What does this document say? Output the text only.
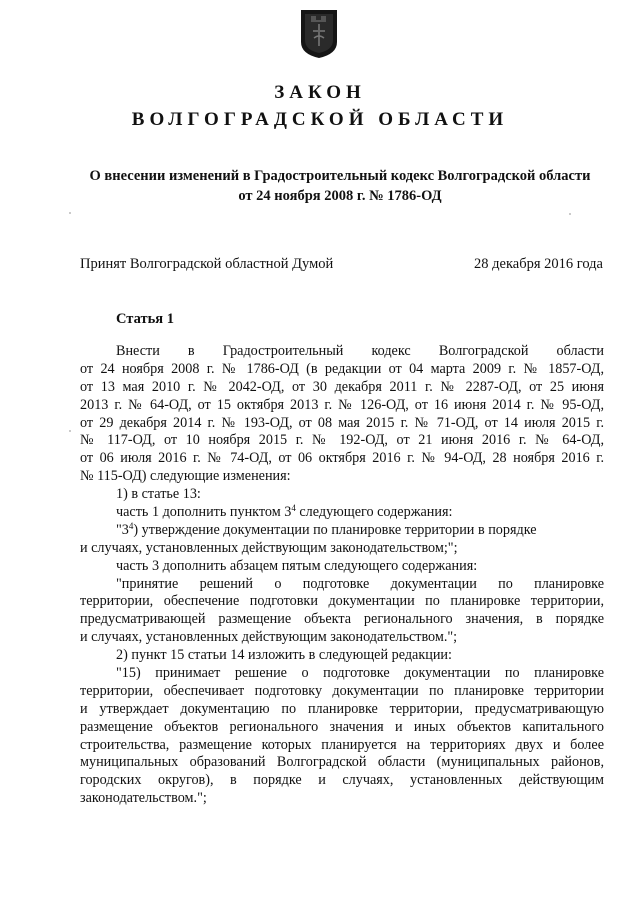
ЗАКОН
ВОЛГОГРАДСКОЙ ОБЛАСТИ
О внесении изменений в Градостроительный кодекс Волгоградской области
от 24 ноября 2008 г. № 1786-ОД
Принят Волгоградской областной Думой	28 декабря 2016 года
Статья 1
Внести в Градостроительный кодекс Волгоградской области
от 24 ноября 2008 г. № 1786-ОД (в редакции от 04 марта 2009 г. № 1857-ОД,
от 13 мая 2010 г. № 2042-ОД, от 30 декабря 2011 г. № 2287-ОД, от 25 июня
2013 г. № 64-ОД, от 15 октября 2013 г. № 126-ОД, от 16 июня 2014 г. № 95-ОД,
от 29 декабря 2014 г. № 193-ОД, от 08 мая 2015 г. № 71-ОД, от 14 июля 2015 г.
№ 117-ОД, от 10 ноября 2015 г. № 192-ОД, от 21 июня 2016 г. № 64-ОД,
от 06 июля 2016 г. № 74-ОД, от 06 октября 2016 г. № 94-ОД, 28 ноября 2016 г.
№ 115-ОД) следующие изменения:
1) в статье 13:
часть 1 дополнить пунктом $3^4$ следующего содержания:
"$3^4$) утверждение документации по планировке территории в порядке
и случаях, установленных действующим законодательством;";
часть 3 дополнить абзацем пятым следующего содержания:
"принятие решений о подготовке документации по планировке
территории, обеспечение подготовки документации по планировке территории,
предусматривающей размещение объекта регионального значения, в порядке
и случаях, установленных действующим законодательством.";
2) пункт 15 статьи 14 изложить в следующей редакции:
"15) принимает решение о подготовке документации по планировке
территории, обеспечивает подготовку документации по планировке территории
и утверждает документацию по планировке территории, предусматривающую
размещение объектов регионального значения и иных объектов капитального
строительства, размещение которых планируется на территориях двух и более
муниципальных образований Волгоградской области (муниципальных районов,
городских округов), в порядке и случаях, установленных действующим
законодательством.";
